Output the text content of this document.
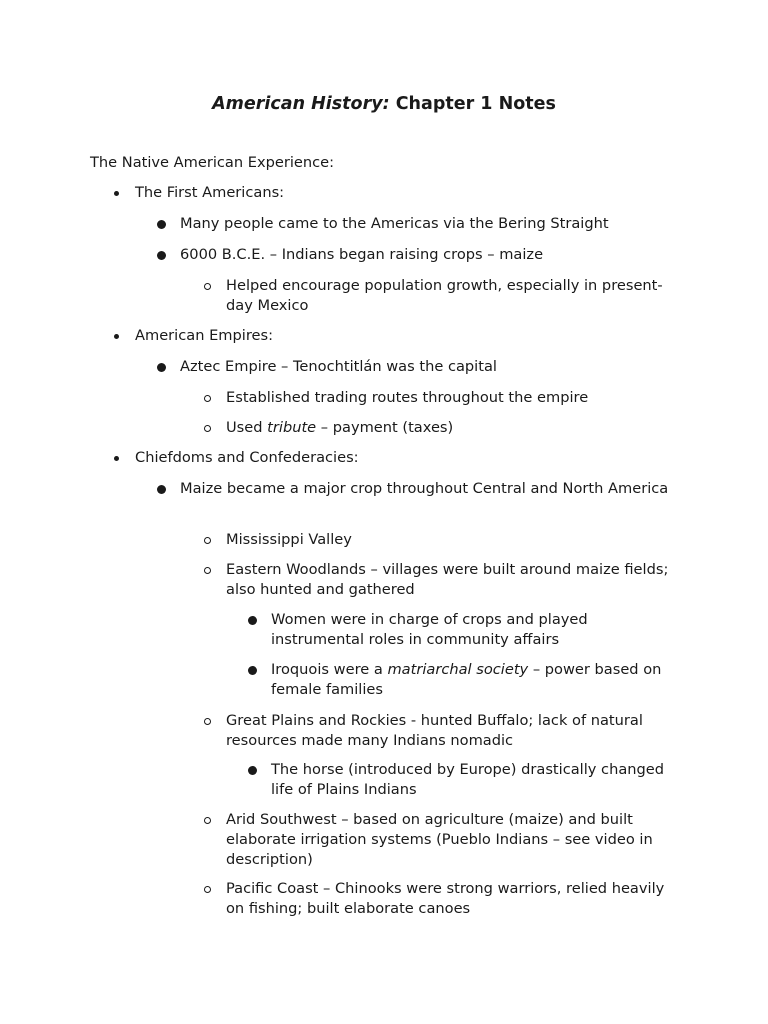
American History: Chapter 1 Notes
The Native American Experience:
The First Americans:
Many people came to the Americas via the Bering Straight
6000 B.C.E. – Indians began raising crops – maize
Helped encourage population growth, especially in present-day Mexico
American Empires:
Aztec Empire – Tenochtitlán was the capital
Established trading routes throughout the empire
Used tribute – payment (taxes)
Chiefdoms and Confederacies:
Maize became a major crop throughout Central and North America
Mississippi Valley
Eastern Woodlands – villages were built around maize fields; also hunted and gathered
Women were in charge of crops and played instrumental roles in community affairs
Iroquois were a matriarchal society – power based on female families
Great Plains and Rockies - hunted Buffalo; lack of natural resources made many Indians nomadic
The horse (introduced by Europe) drastically changed life of Plains Indians
Arid Southwest – based on agriculture (maize) and built elaborate irrigation systems (Pueblo Indians – see video in description)
Pacific Coast – Chinooks were strong warriors, relied heavily on fishing; built elaborate canoes
